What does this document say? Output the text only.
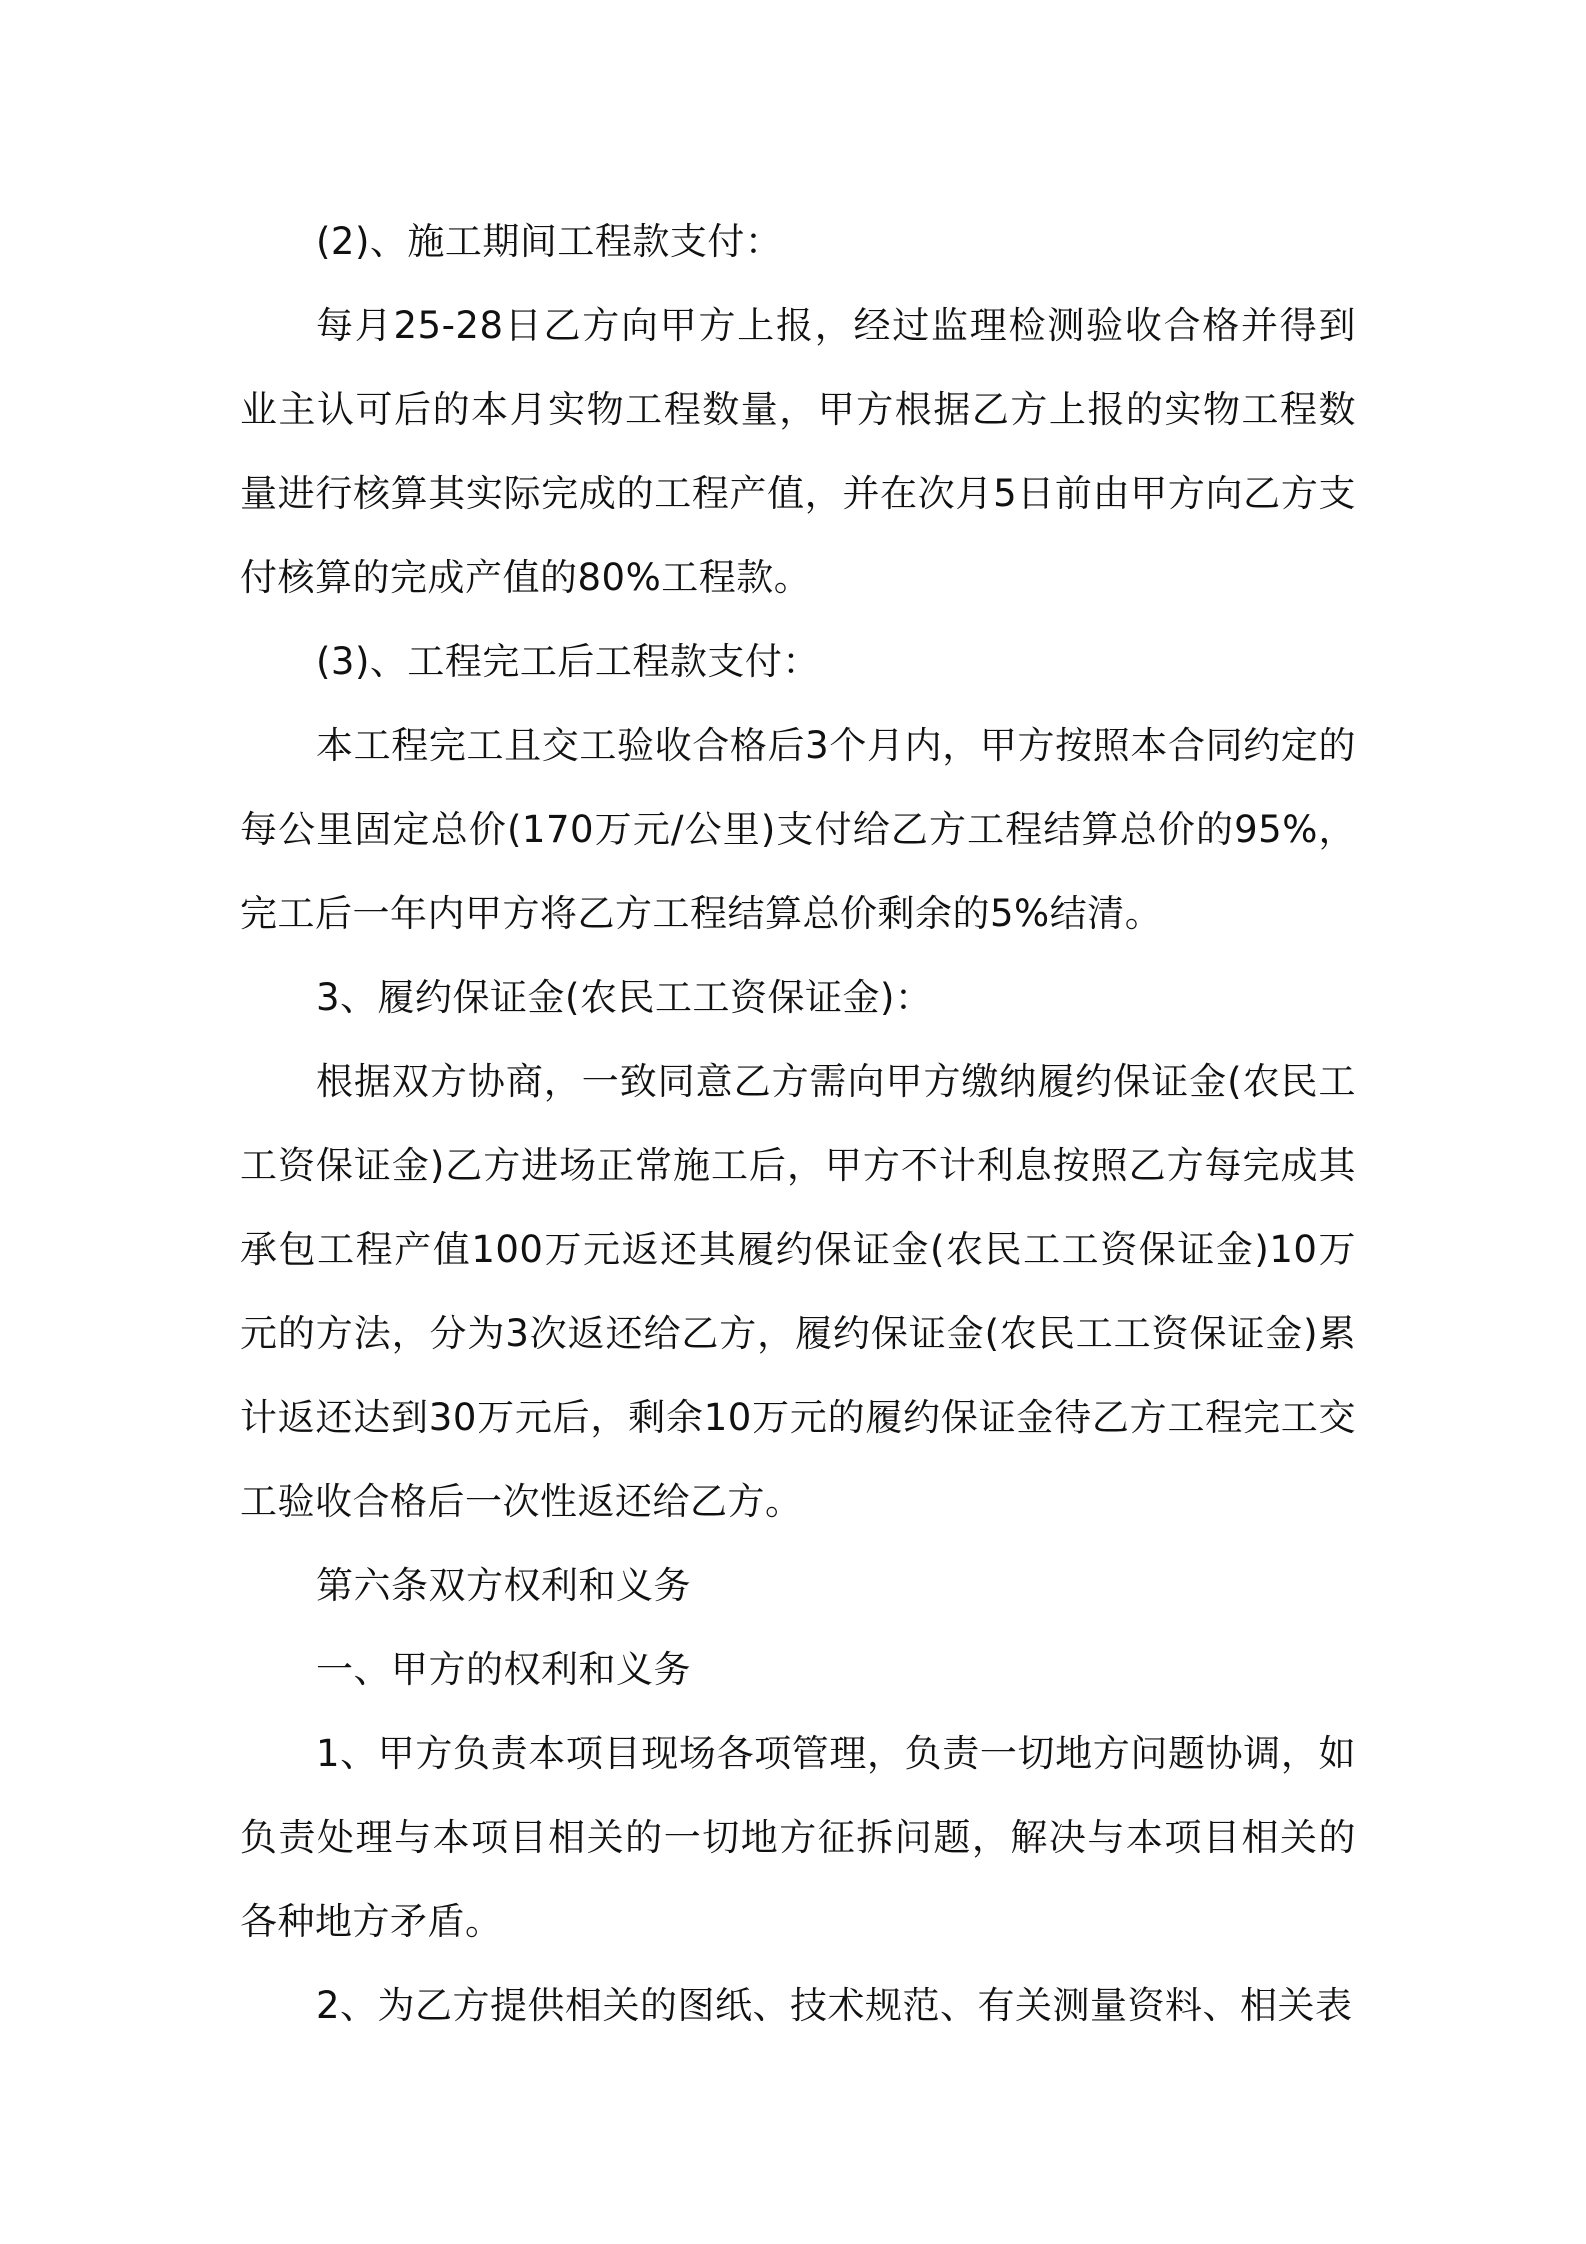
(2)、施工期间工程款支付：

每月25-28日乙方向甲方上报，经过监理检测验收合格并得到业主认可后的本月实物工程数量，甲方根据乙方上报的实物工程数量进行核算其实际完成的工程产值，并在次月5日前由甲方向乙方支付核算的完成产值的80%工程款。

(3)、工程完工后工程款支付：

本工程完工且交工验收合格后3个月内，甲方按照本合同约定的每公里固定总价(170万元/公里)支付给乙方工程结算总价的95%，完工后一年内甲方将乙方工程结算总价剩余的5%结清。

3、履约保证金(农民工工资保证金)：

根据双方协商，一致同意乙方需向甲方缴纳履约保证金(农民工工资保证金)乙方进场正常施工后，甲方不计利息按照乙方每完成其承包工程产值100万元返还其履约保证金(农民工工资保证金)10万元的方法，分为3次返还给乙方，履约保证金(农民工工资保证金)累计返还达到30万元后，剩余10万元的履约保证金待乙方工程完工交工验收合格后一次性返还给乙方。

第六条双方权利和义务

一、甲方的权利和义务

1、甲方负责本项目现场各项管理，负责一切地方问题协调，如负责处理与本项目相关的一切地方征拆问题，解决与本项目相关的各种地方矛盾。

2、为乙方提供相关的图纸、技术规范、有关测量资料、相关表
